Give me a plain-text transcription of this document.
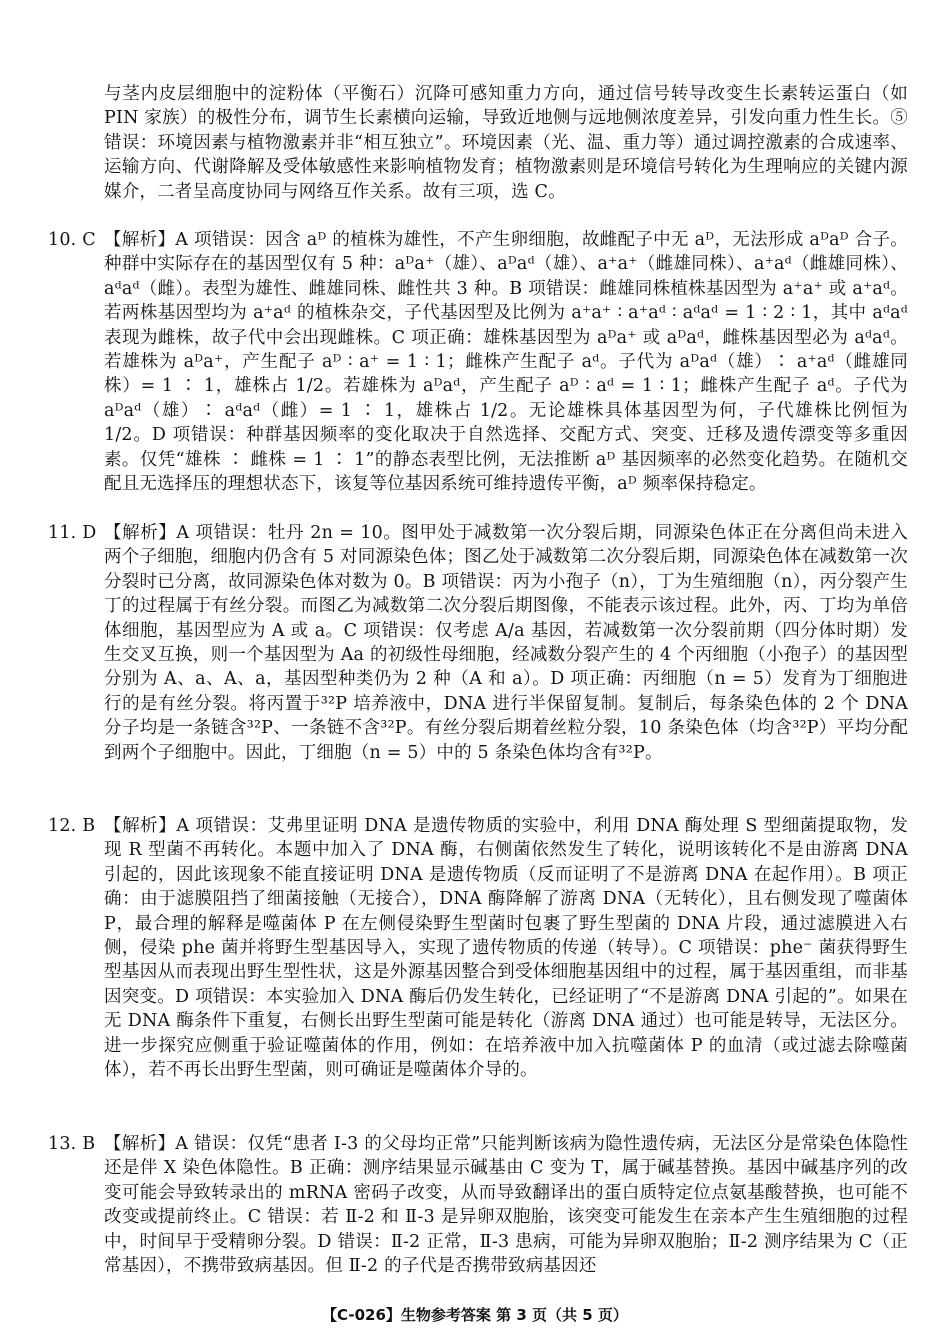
与茎内皮层细胞中的淀粉体（平衡石）沉降可感知重力方向，通过信号转导改变生长素转运蛋白（如 PIN 家族）的极性分布，调节生长素横向运输，导致近地侧与远地侧浓度差异，引发向重力性生长。⑤错误：环境因素与植物激素并非“相互独立”。环境因素（光、温、重力等）通过调控激素的合成速率、运输方向、代谢降解及受体敏感性来影响植物发育；植物激素则是环境信号转化为生理响应的关键内源媒介，二者呈高度协同与网络互作关系。故有三项，选 C。
10. C 【解析】A 项错误：因含 aᴰ 的植株为雄性，不产生卵细胞，故雌配子中无 aᴰ，无法形成 aᴰaᴰ 合子。种群中实际存在的基因型仅有 5 种：aᴰa⁺（雄）、aᴰaᵈ（雄）、a⁺a⁺（雌雄同株）、a⁺aᵈ（雌雄同株）、aᵈaᵈ（雌）。表型为雄性、雌雄同株、雌性共 3 种。B 项错误：雌雄同株植株基因型为 a⁺a⁺ 或 a⁺aᵈ。若两株基因型均为 a⁺aᵈ 的植株杂交，子代基因型及比例为 a⁺a⁺ ∶ a⁺aᵈ ∶ aᵈaᵈ = 1 ∶ 2 ∶ 1，其中 aᵈaᵈ 表现为雌株，故子代中会出现雌株。C 项正确：雄株基因型为 aᴰa⁺ 或 aᴰaᵈ，雌株基因型必为 aᵈaᵈ。若雄株为 aᴰa⁺，产生配子 aᴰ ∶ a⁺ = 1 ∶ 1；雌株产生配子 aᵈ。子代为 aᴰaᵈ（雄）∶ a⁺aᵈ（雌雄同株）= 1 ∶ 1，雄株占 1/2。若雄株为 aᴰaᵈ，产生配子 aᴰ ∶ aᵈ = 1 ∶ 1；雌株产生配子 aᵈ。子代为 aᴰaᵈ（雄）∶ aᵈaᵈ（雌）= 1 ∶ 1，雄株占 1/2。无论雄株具体基因型为何，子代雄株比例恒为 1/2。D 项错误：种群基因频率的变化取决于自然选择、交配方式、突变、迁移及遗传漂变等多重因素。仅凭“雄株 ∶ 雌株 = 1 ∶ 1”的静态表型比例，无法推断 aᴰ 基因频率的必然变化趋势。在随机交配且无选择压的理想状态下，该复等位基因系统可维持遗传平衡，aᴰ 频率保持稳定。
11. D 【解析】A 项错误：牡丹 2n = 10。图甲处于减数第一次分裂后期，同源染色体正在分离但尚未进入两个子细胞，细胞内仍含有 5 对同源染色体；图乙处于减数第二次分裂后期，同源染色体在减数第一次分裂时已分离，故同源染色体对数为 0。B 项错误：丙为小孢子（n），丁为生殖细胞（n），丙分裂产生丁的过程属于有丝分裂。而图乙为减数第二次分裂后期图像，不能表示该过程。此外，丙、丁均为单倍体细胞，基因型应为 A 或 a。C 项错误：仅考虑 A/a 基因，若减数第一次分裂前期（四分体时期）发生交叉互换，则一个基因型为 Aa 的初级性母细胞，经减数分裂产生的 4 个丙细胞（小孢子）的基因型分别为 A、a、A、a，基因型种类仍为 2 种（A 和 a）。D 项正确：丙细胞（n = 5）发育为丁细胞进行的是有丝分裂。将丙置于³²P 培养液中，DNA 进行半保留复制。复制后，每条染色体的 2 个 DNA 分子均是一条链含³²P、一条链不含³²P。有丝分裂后期着丝粒分裂，10 条染色体（均含³²P）平均分配到两个子细胞中。因此，丁细胞（n = 5）中的 5 条染色体均含有³²P。
12. B 【解析】A 项错误：艾弗里证明 DNA 是遗传物质的实验中，利用 DNA 酶处理 S 型细菌提取物，发现 R 型菌不再转化。本题中加入了 DNA 酶，右侧菌依然发生了转化，说明该转化不是由游离 DNA 引起的，因此该现象不能直接证明 DNA 是遗传物质（反而证明了不是游离 DNA 在起作用）。B 项正确：由于滤膜阻挡了细菌接触（无接合），DNA 酶降解了游离 DNA（无转化），且右侧发现了噬菌体 P，最合理的解释是噬菌体 P 在左侧侵染野生型菌时包裹了野生型菌的 DNA 片段，通过滤膜进入右侧，侵染 phe 菌并将野生型基因导入，实现了遗传物质的传递（转导）。C 项错误：phe⁻ 菌获得野生型基因从而表现出野生型性状，这是外源基因整合到受体细胞基因组中的过程，属于基因重组，而非基因突变。D 项错误：本实验加入 DNA 酶后仍发生转化，已经证明了“不是游离 DNA 引起的”。如果在无 DNA 酶条件下重复，右侧长出野生型菌可能是转化（游离 DNA 通过）也可能是转导，无法区分。进一步探究应侧重于验证噬菌体的作用，例如：在培养液中加入抗噬菌体 P 的血清（或过滤去除噬菌体），若不再长出野生型菌，则可确证是噬菌体介导的。
13. B 【解析】A 错误：仅凭“患者 Ⅰ-3 的父母均正常”只能判断该病为隐性遗传病，无法区分是常染色体隐性还是伴 X 染色体隐性。B 正确：测序结果显示碱基由 C 变为 T，属于碱基替换。基因中碱基序列的改变可能会导致转录出的 mRNA 密码子改变，从而导致翻译出的蛋白质特定位点氨基酸替换，也可能不改变或提前终止。C 错误：若 Ⅱ-2 和 Ⅱ-3 是异卵双胞胎，该突变可能发生在亲本产生生殖细胞的过程中，时间早于受精卵分裂。D 错误：Ⅱ-2 正常，Ⅱ-3 患病，可能为异卵双胞胎；Ⅱ-2 测序结果为 C（正常基因），不携带致病基因。但 Ⅱ-2 的子代是否携带致病基因还
【C-026】生物参考答案 第 3 页（共 5 页）
